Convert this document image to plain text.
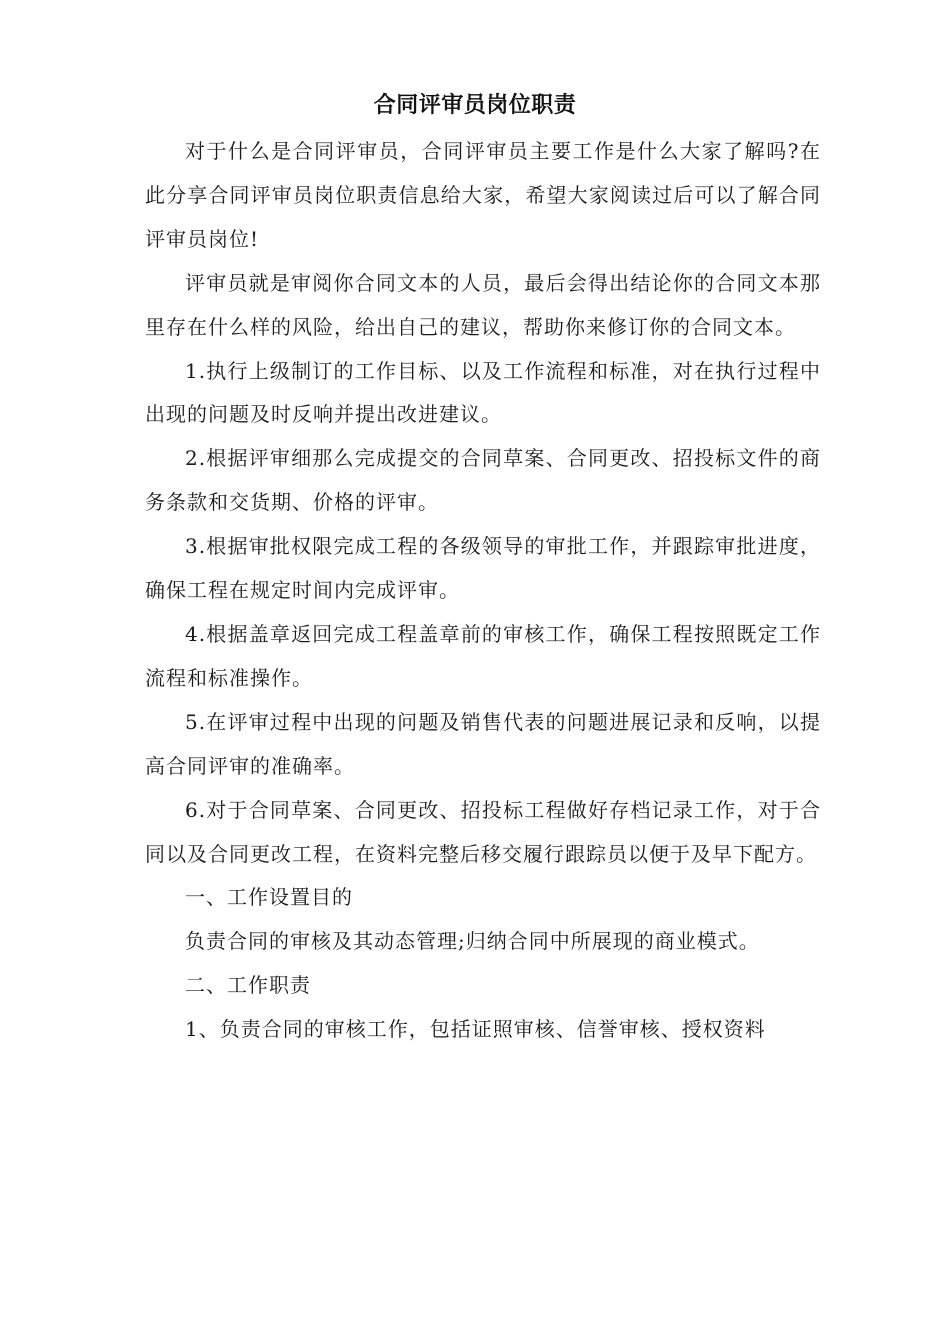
合同评审员岗位职责

对于什么是合同评审员，合同评审员主要工作是什么大家了解吗?在此分享合同评审员岗位职责信息给大家，希望大家阅读过后可以了解合同评审员岗位!

评审员就是审阅你合同文本的人员，最后会得出结论你的合同文本那里存在什么样的风险，给出自己的建议，帮助你来修订你的合同文本。

1.执行上级制订的工作目标、以及工作流程和标准，对在执行过程中出现的问题及时反响并提出改进建议。

2.根据评审细那么完成提交的合同草案、合同更改、招投标文件的商务条款和交货期、价格的评审。

3.根据审批权限完成工程的各级领导的审批工作，并跟踪审批进度，确保工程在规定时间内完成评审。

4.根据盖章返回完成工程盖章前的审核工作，确保工程按照既定工作流程和标准操作。

5.在评审过程中出现的问题及销售代表的问题进展记录和反响，以提高合同评审的准确率。

6.对于合同草案、合同更改、招投标工程做好存档记录工作，对于合同以及合同更改工程，在资料完整后移交履行跟踪员以便于及早下配方。

一、工作设置目的

负责合同的审核及其动态管理;归纳合同中所展现的商业模式。

二、工作职责

1、负责合同的审核工作，包括证照审核、信誉审核、授权资料
